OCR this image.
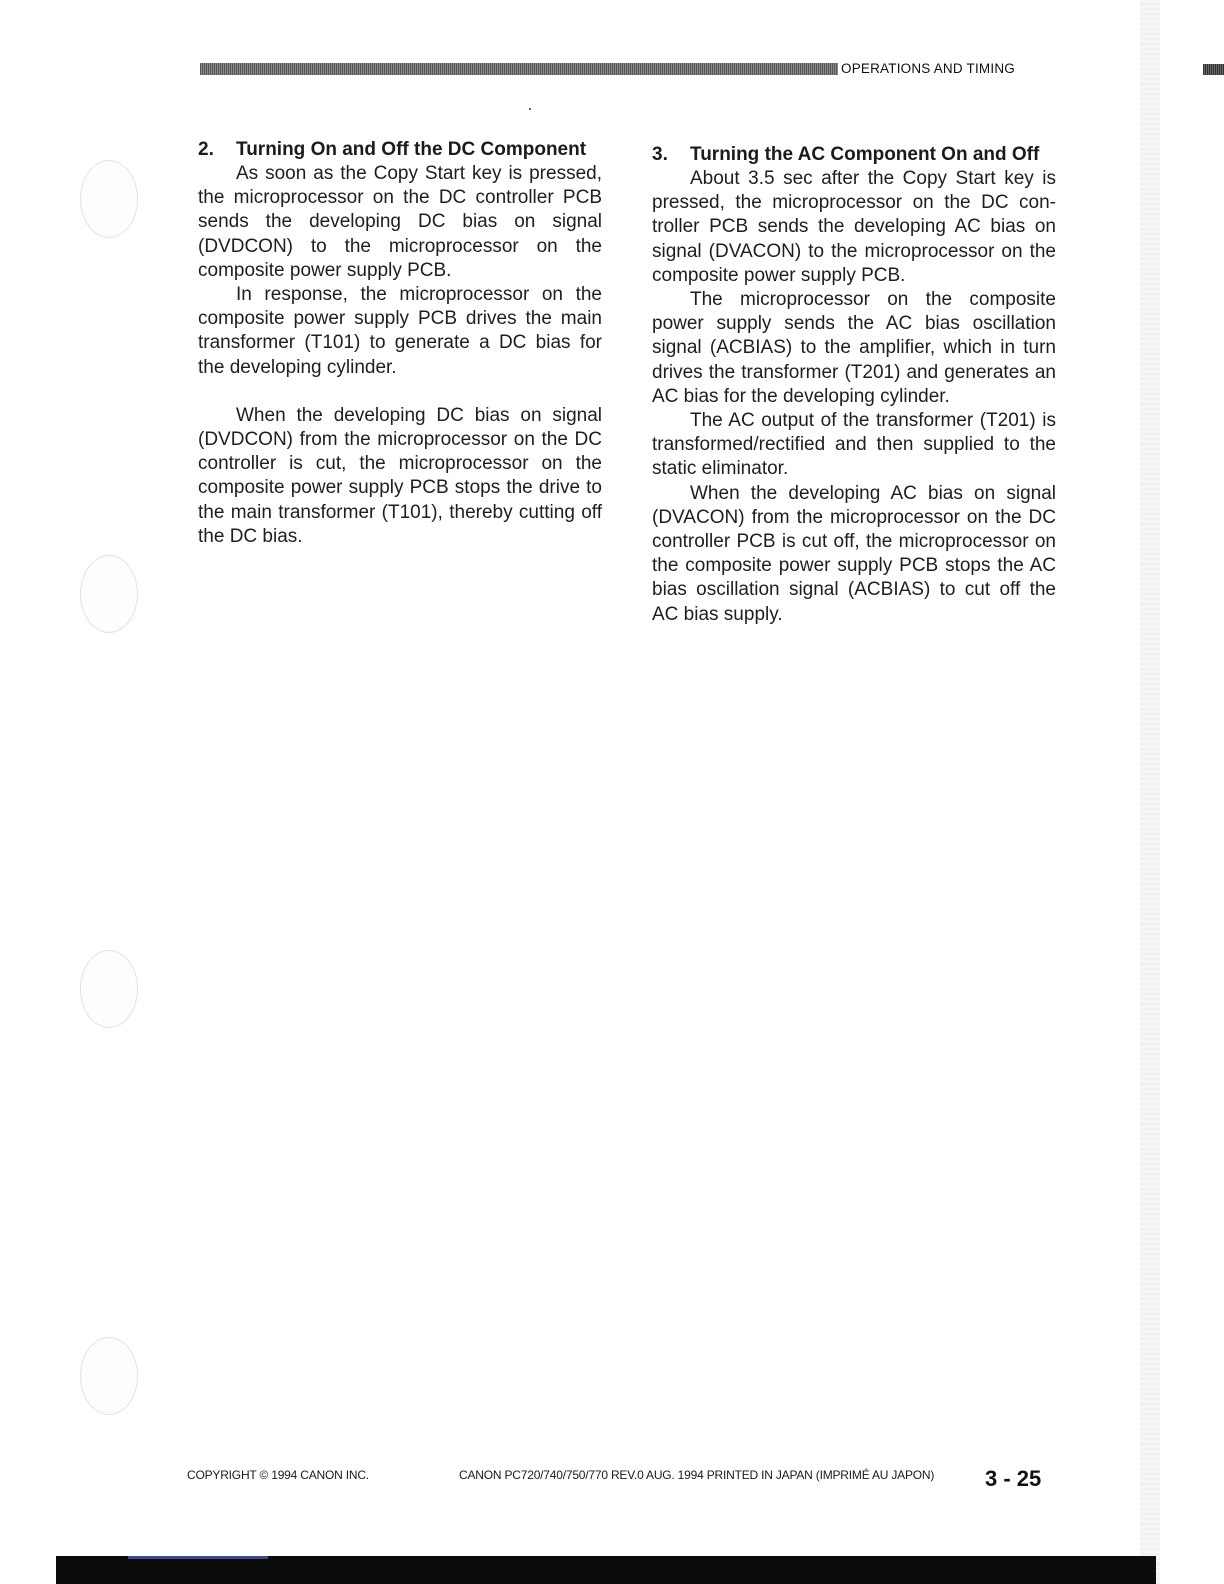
OPERATIONS AND TIMING
2.	Turning On and Off the DC Component

As soon as the Copy Start key is pressed, the microprocessor on the DC controller PCB sends the developing DC bias on signal (DVDCON) to the microprocessor on the composite power supply PCB.

In response, the microprocessor on the composite power supply PCB drives the main transformer (T101) to generate a DC bias for the developing cylinder.

When the developing DC bias on signal (DVDCON) from the microprocessor on the DC controller is cut, the microprocessor on the composite power supply PCB stops the drive to the main transformer (T101), thereby cutting off the DC bias.

3.	Turning the AC Component On and Off

About 3.5 sec after the Copy Start key is pressed, the microprocessor on the DC controller PCB sends the developing AC bias on signal (DVACON) to the microprocessor on the composite power supply PCB.

The microprocessor on the composite power supply sends the AC bias oscillation signal (ACBIAS) to the amplifier, which in turn drives the transformer (T201) and generates an AC bias for the developing cylinder.

The AC output of the transformer (T201) is transformed/rectified and then supplied to the static eliminator.

When the developing AC bias on signal (DVACON) from the microprocessor on the DC controller PCB is cut off, the microprocessor on the composite power supply PCB stops the AC bias oscillation signal (ACBIAS) to cut off the AC bias supply.

COPYRIGHT © 1994 CANON INC.	CANON PC720/740/750/770 REV.0 AUG. 1994 PRINTED IN JAPAN (IMPRIMÉ AU JAPON) 3 - 25
